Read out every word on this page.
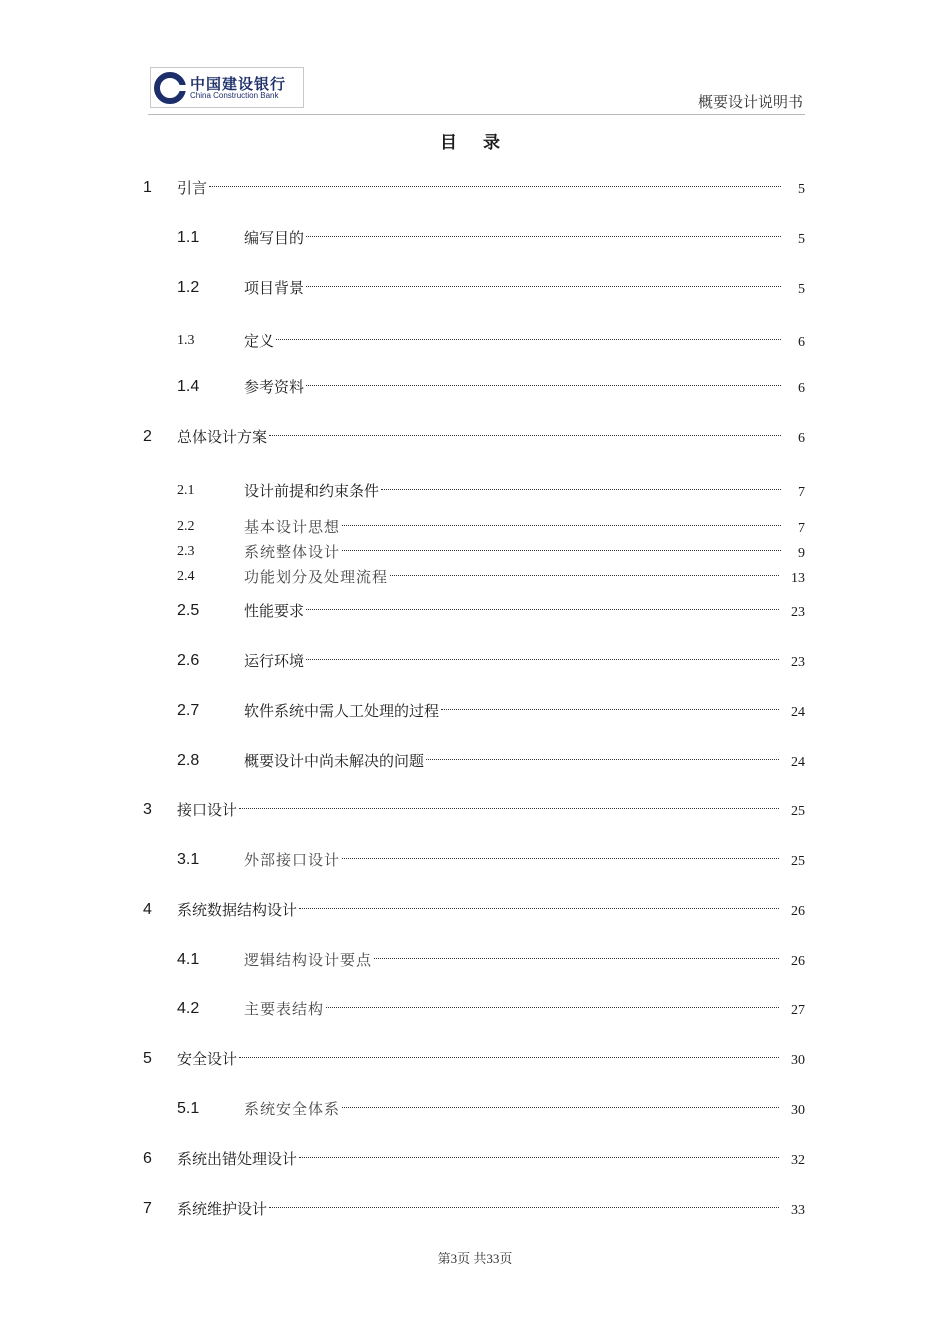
中国建设银行
China Construction Bank	概要设计说明书
目 录
1 引言	5
1.1	编写目的	5
1.2	项目背景	5
1.3	定义	6
1.4	参考资料	6
2 总体设计方案	6
2.1	设计前提和约束条件	7
2.2	基本设计思想	7
2.3	系统整体设计	9
2.4	功能划分及处理流程	13
2.5	性能要求	23
2.6	运行环境	23
2.7	软件系统中需人工处理的过程	24
2.8	概要设计中尚未解决的问题	24
3 接口设计	25
3.1	外部接口设计	25
4 系统数据结构设计	26
4.1	逻辑结构设计要点	26
4.2	主要表结构	27
5 安全设计	30
5.1	系统安全体系	30
6 系统出错处理设计	32
7 系统维护设计	33
第3页 共33页
